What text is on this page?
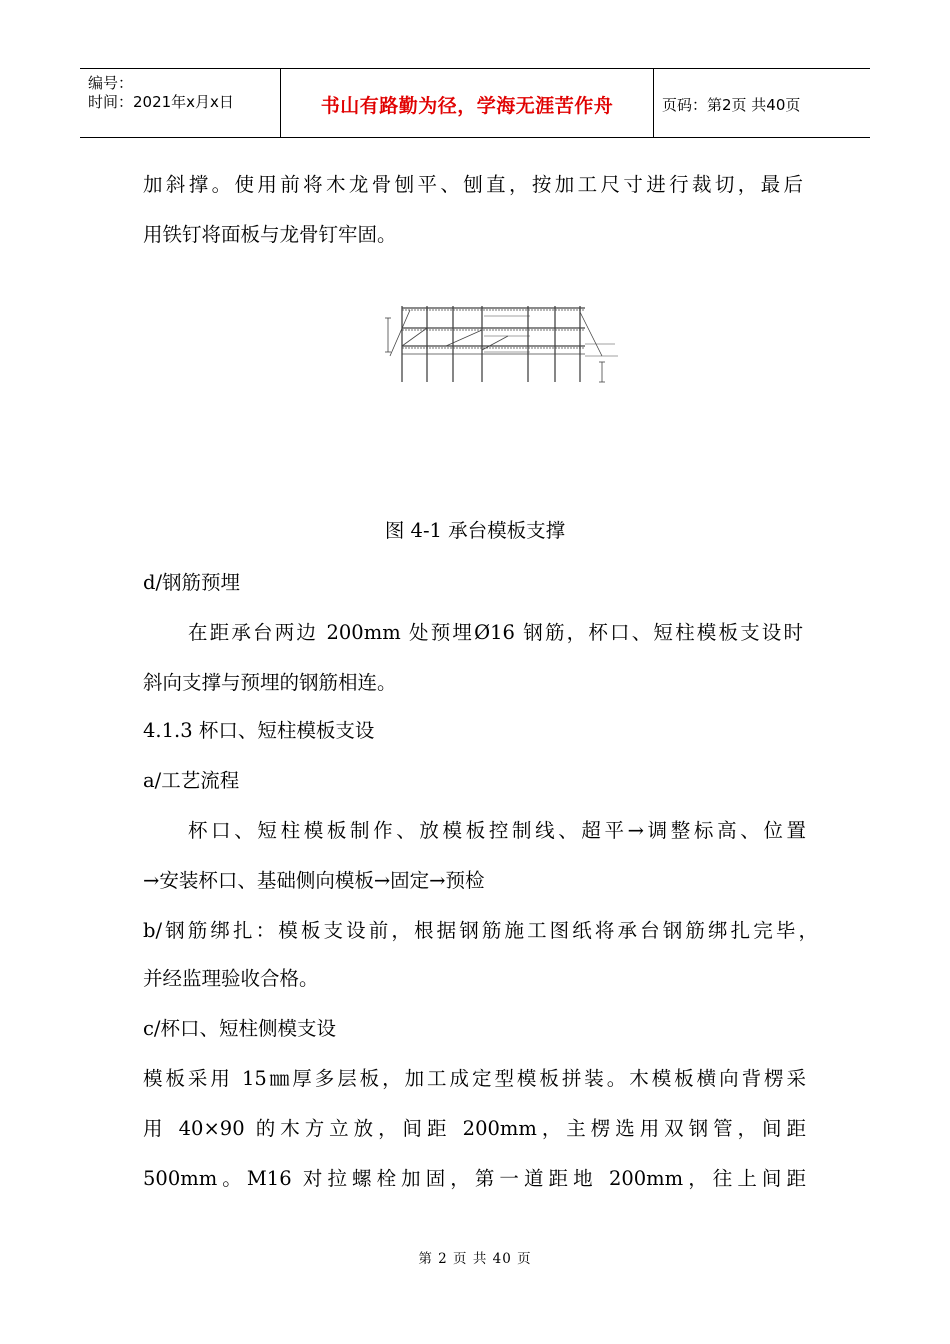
编号：
时间：2021年x月x日	书山有路勤为径，学海无涯苦作舟	页码：第2页 共40页
加斜撑。使用前将木龙骨刨平、刨直，按加工尺寸进行裁切，最后
用铁钉将面板与龙骨钉牢固。
图 4-1 承台模板支撑
d/钢筋预埋
在距承台两边 200mm 处预埋Ø16 钢筋，杯口、短柱模板支设时
斜向支撑与预埋的钢筋相连。
4.1.3 杯口、短柱模板支设
a/工艺流程
杯口、短柱模板制作、放模板控制线、超平→调整标高、位置
→安装杯口、基础侧向模板→固定→预检
b/钢筋绑扎：模板支设前，根据钢筋施工图纸将承台钢筋绑扎完毕，
并经监理验收合格。
c/杯口、短柱侧模支设
模板采用 15㎜厚多层板，加工成定型模板拼装。木模板横向背楞采
用 40×90 的木方立放，间距 200mm，主楞选用双钢管，间距
500mm。M16 对拉螺栓加固，第一道距地 200mm，往上间距
第 2 页 共 40 页
